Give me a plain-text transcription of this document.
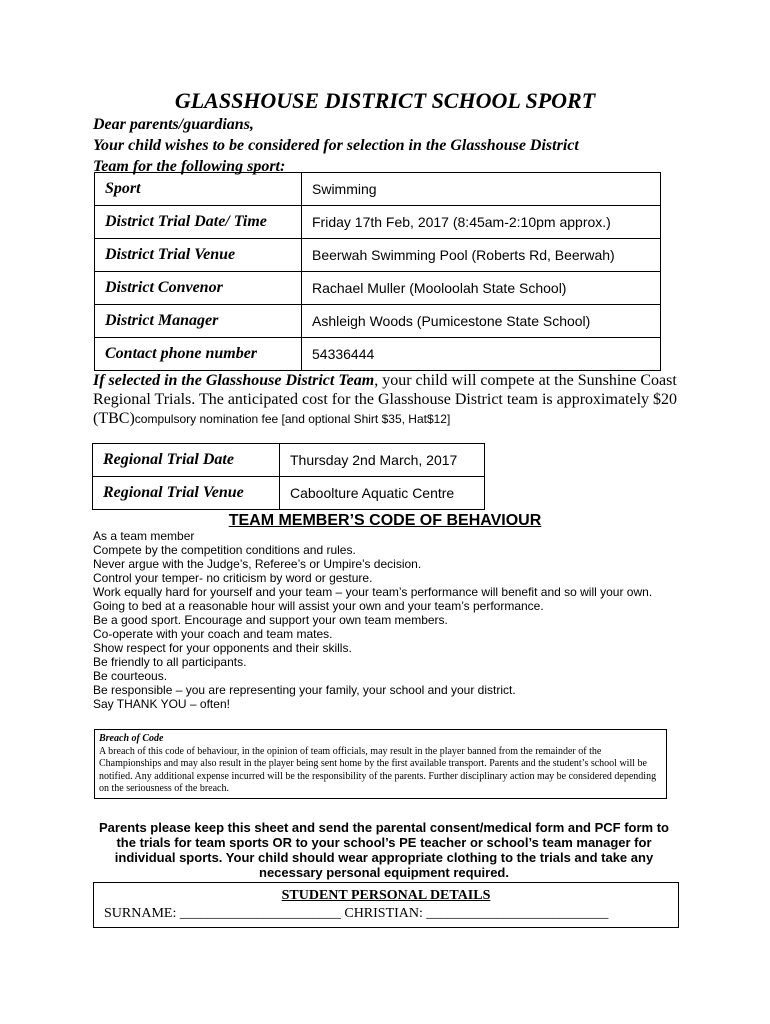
GLASSHOUSE DISTRICT SCHOOL SPORT
Dear parents/guardians,
Your child wishes to be considered for selection in the Glasshouse District
Team for the following sport:
Sport	Swimming
District Trial Date/ Time	Friday 17th Feb, 2017 (8:45am-2:10pm approx.)
District Trial Venue	Beerwah Swimming Pool (Roberts Rd, Beerwah)
District Convenor	Rachael Muller (Mooloolah State School)
District Manager	Ashleigh Woods (Pumicestone State School)
Contact phone number	54336444
If selected in the Glasshouse District Team, your child will compete at the Sunshine Coast Regional Trials. The anticipated cost for the Glasshouse District team is approximately $20 (TBC)compulsory nomination fee [and optional Shirt $35, Hat$12]
Regional Trial Date	Thursday 2nd March, 2017
Regional Trial Venue	Caboolture Aquatic Centre
TEAM MEMBER’S CODE OF BEHAVIOUR
As a team member
Compete by the competition conditions and rules.
Never argue with the Judge’s, Referee’s or Umpire’s decision.
Control your temper- no criticism by word or gesture.
Work equally hard for yourself and your team – your team’s performance will benefit and so will your own.
Going to bed at a reasonable hour will assist your own and your team’s performance.
Be a good sport. Encourage and support your own team members.
Co-operate with your coach and team mates.
Show respect for your opponents and their skills.
Be friendly to all participants.
Be courteous.
Be responsible – you are representing your family, your school and your district.
Say THANK YOU – often!
Breach of Code
A breach of this code of behaviour, in the opinion of team officials, may result in the player banned from the remainder of the Championships and may also result in the player being sent home by the first available transport. Parents and the student’s school will be notified. Any additional expense incurred will be the responsibility of the parents. Further disciplinary action may be considered depending on the seriousness of the breach.
Parents please keep this sheet and send the parental consent/medical form and PCF form to the trials for team sports OR to your school’s PE teacher or school’s team manager for individual sports. Your child should wear appropriate clothing to the trials and take any necessary personal equipment required.
STUDENT PERSONAL DETAILS
SURNAME: _______________________ CHRISTIAN: __________________________
